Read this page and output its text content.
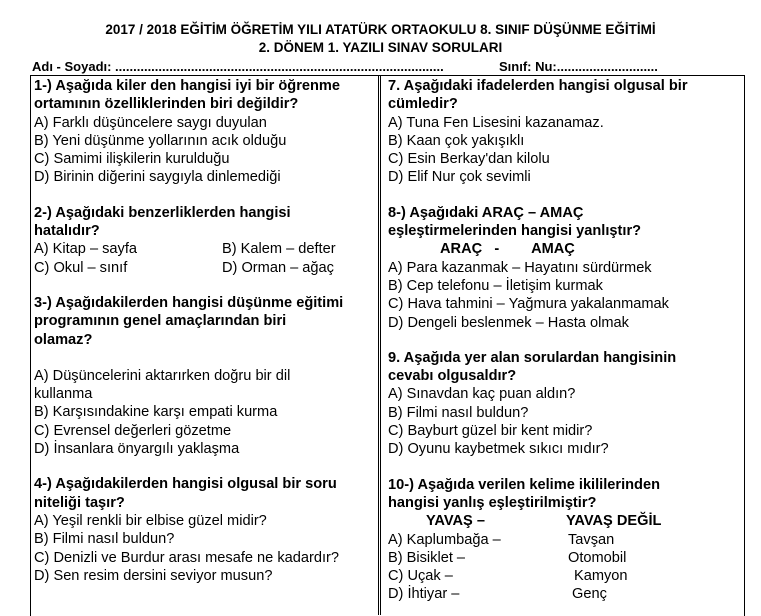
2017 / 2018 EĞİTİM ÖĞRETİM YILI ATATÜRK ORTAOKULU 8. SINIF DÜŞÜNME EĞİTİMİ
2. DÖNEM 1. YAZILI SINAV SORULARI
Adı - Soyadı: ...........................................................................................	Sınıf: Nu:............................
1-) Aşağıda kiler den hangisi iyi bir öğrenme
ortamının özelliklerinden biri değildir?
A) Farklı düşüncelere saygı duyulan
B) Yeni düşünme yollarının acık olduğu
C) Samimi ilişkilerin kurulduğu
D) Birinin diğerini saygıyla dinlemediği
2-) Aşağıdaki benzerliklerden hangisi
hatalıdır?
A) Kitap – sayfa	B) Kalem – defter
C) Okul – sınıf	D) Orman – ağaç
3-) Aşağıdakilerden hangisi düşünme eğitimi
programının genel amaçlarından biri
olamaz?
A) Düşüncelerini aktarırken doğru bir dil
kullanma
B) Karşısındakine karşı empati kurma
C) Evrensel değerleri gözetme
D) İnsanlara önyargılı yaklaşma
4-) Aşağıdakilerden hangisi olgusal bir soru
niteliği taşır?
A) Yeşil renkli bir elbise güzel midir?
B) Filmi nasıl buldun?
C) Denizli ve Burdur arası mesafe ne kadardır?
D) Sen resim dersini seviyor musun?
7. Aşağıdaki ifadelerden hangisi olgusal bir
cümledir?
A) Tuna Fen Lisesini kazanamaz.
B) Kaan çok yakışıklı
C) Esin Berkay'dan kilolu
D) Elif Nur çok sevimli
8-) Aşağıdaki ARAÇ – AMAÇ
eşleştirmelerinden hangisi yanlıştır?
ARAÇ   -        AMAÇ
A) Para kazanmak – Hayatını sürdürmek
B) Cep telefonu – İletişim kurmak
C) Hava tahmini – Yağmura yakalanmamak
D) Dengeli beslenmek – Hasta olmak
9. Aşağıda yer alan sorulardan hangisinin
cevabı olgusaldır?
A) Sınavdan kaç puan aldın?
B) Filmi nasıl buldun?
C) Bayburt güzel bir kent midir?
D) Oyunu kaybetmek sıkıcı mıdır?
10-) Aşağıda verilen kelime ikililerinden
hangisi yanlış eşleştirilmiştir?
YAVAŞ –	YAVAŞ DEĞİL
A) Kaplumbağa –	Tavşan
B) Bisiklet –	Otomobil
C) Uçak –	Kamyon
D) İhtiyar –	Genç
